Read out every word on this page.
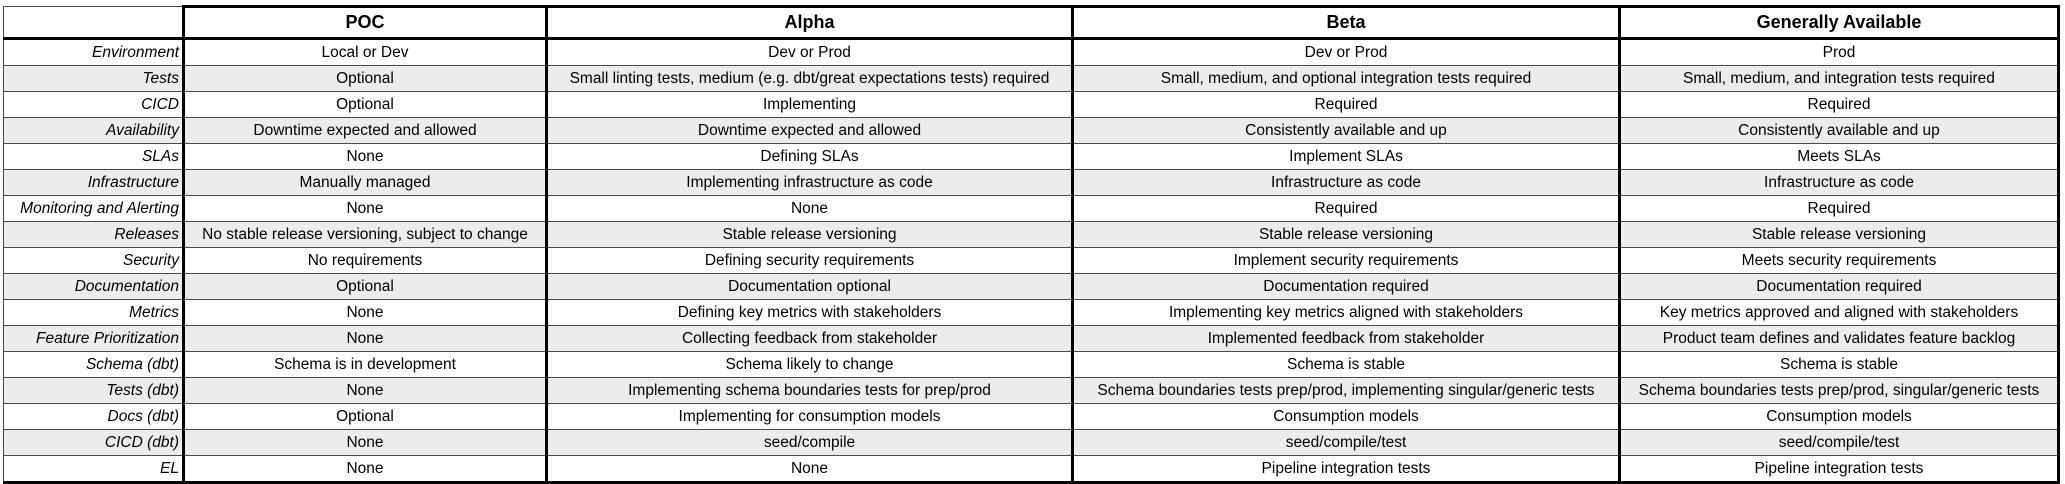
	POC	Alpha	Beta	Generally Available
Environment	Local or Dev	Dev or Prod	Dev or Prod	Prod
Tests	Optional	Small linting tests, medium (e.g. dbt/great expectations tests) required	Small, medium, and optional integration tests required	Small, medium, and integration tests required
CICD	Optional	Implementing	Required	Required
Availability	Downtime expected and allowed	Downtime expected and allowed	Consistently available and up	Consistently available and up
SLAs	None	Defining SLAs	Implement SLAs	Meets SLAs
Infrastructure	Manually managed	Implementing infrastructure as code	Infrastructure as code	Infrastructure as code
Monitoring and Alerting	None	None	Required	Required
Releases	No stable release versioning, subject to change	Stable release versioning	Stable release versioning	Stable release versioning
Security	No requirements	Defining security requirements	Implement security requirements	Meets security requirements
Documentation	Optional	Documentation optional	Documentation required	Documentation required
Metrics	None	Defining key metrics with stakeholders	Implementing key metrics aligned with stakeholders	Key metrics approved and aligned with stakeholders
Feature Prioritization	None	Collecting feedback from stakeholder	Implemented feedback from stakeholder	Product team defines and validates feature backlog
Schema (dbt)	Schema is in development	Schema likely to change	Schema is stable	Schema is stable
Tests (dbt)	None	Implementing schema boundaries tests for prep/prod	Schema boundaries tests prep/prod, implementing singular/generic tests	Schema boundaries tests prep/prod, singular/generic tests
Docs (dbt)	Optional	Implementing for consumption models	Consumption models	Consumption models
CICD (dbt)	None	seed/compile	seed/compile/test	seed/compile/test
EL	None	None	Pipeline integration tests	Pipeline integration tests
